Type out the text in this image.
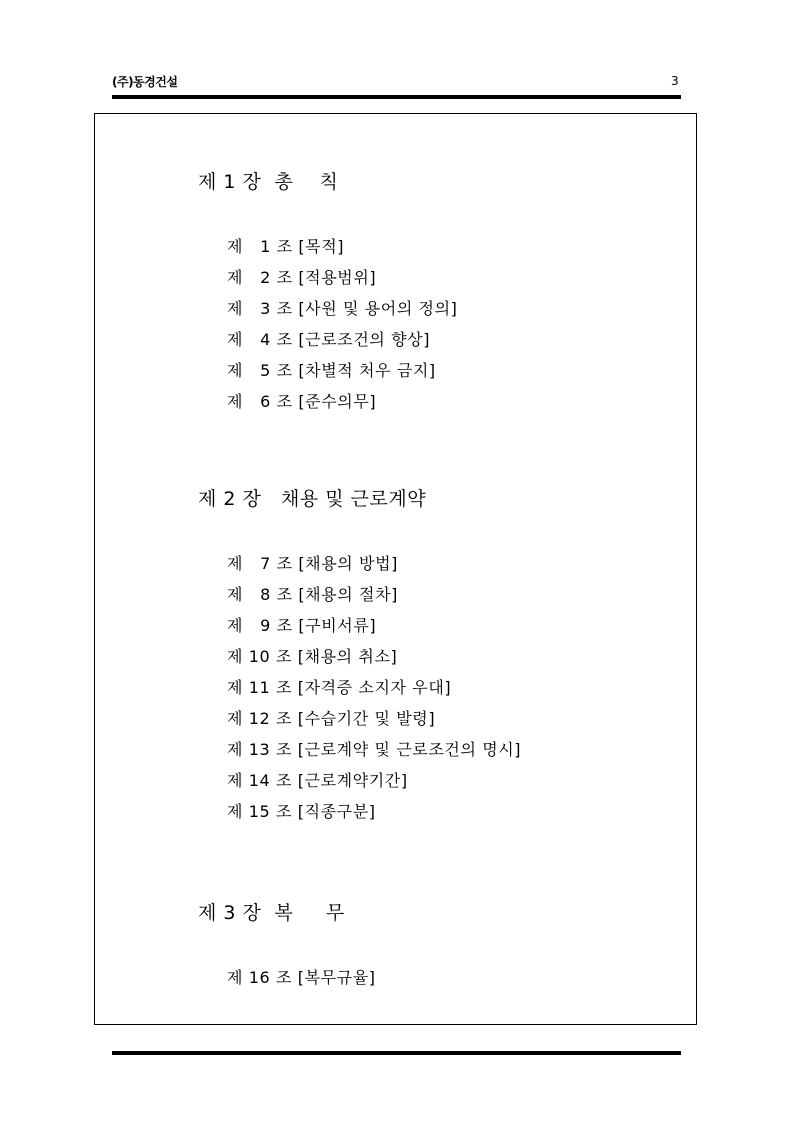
(주)동경건설	3
제 1 장  총    칙
제   1 조 [목적]
제   2 조 [적용범위]
제   3 조 [사원 및 용어의 정의]
제   4 조 [근로조건의 향상]
제   5 조 [차별적 처우 금지]
제   6 조 [준수의무]
제 2 장   채용 및 근로계약
제   7 조 [채용의 방법]
제   8 조 [채용의 절차]
제   9 조 [구비서류]
제 10 조 [채용의 취소]
제 11 조 [자격증 소지자 우대]
제 12 조 [수습기간 및 발령]
제 13 조 [근로계약 및 근로조건의 명시]
제 14 조 [근로계약기간]
제 15 조 [직종구분]
제 3 장  복     무
제 16 조 [복무규율]
